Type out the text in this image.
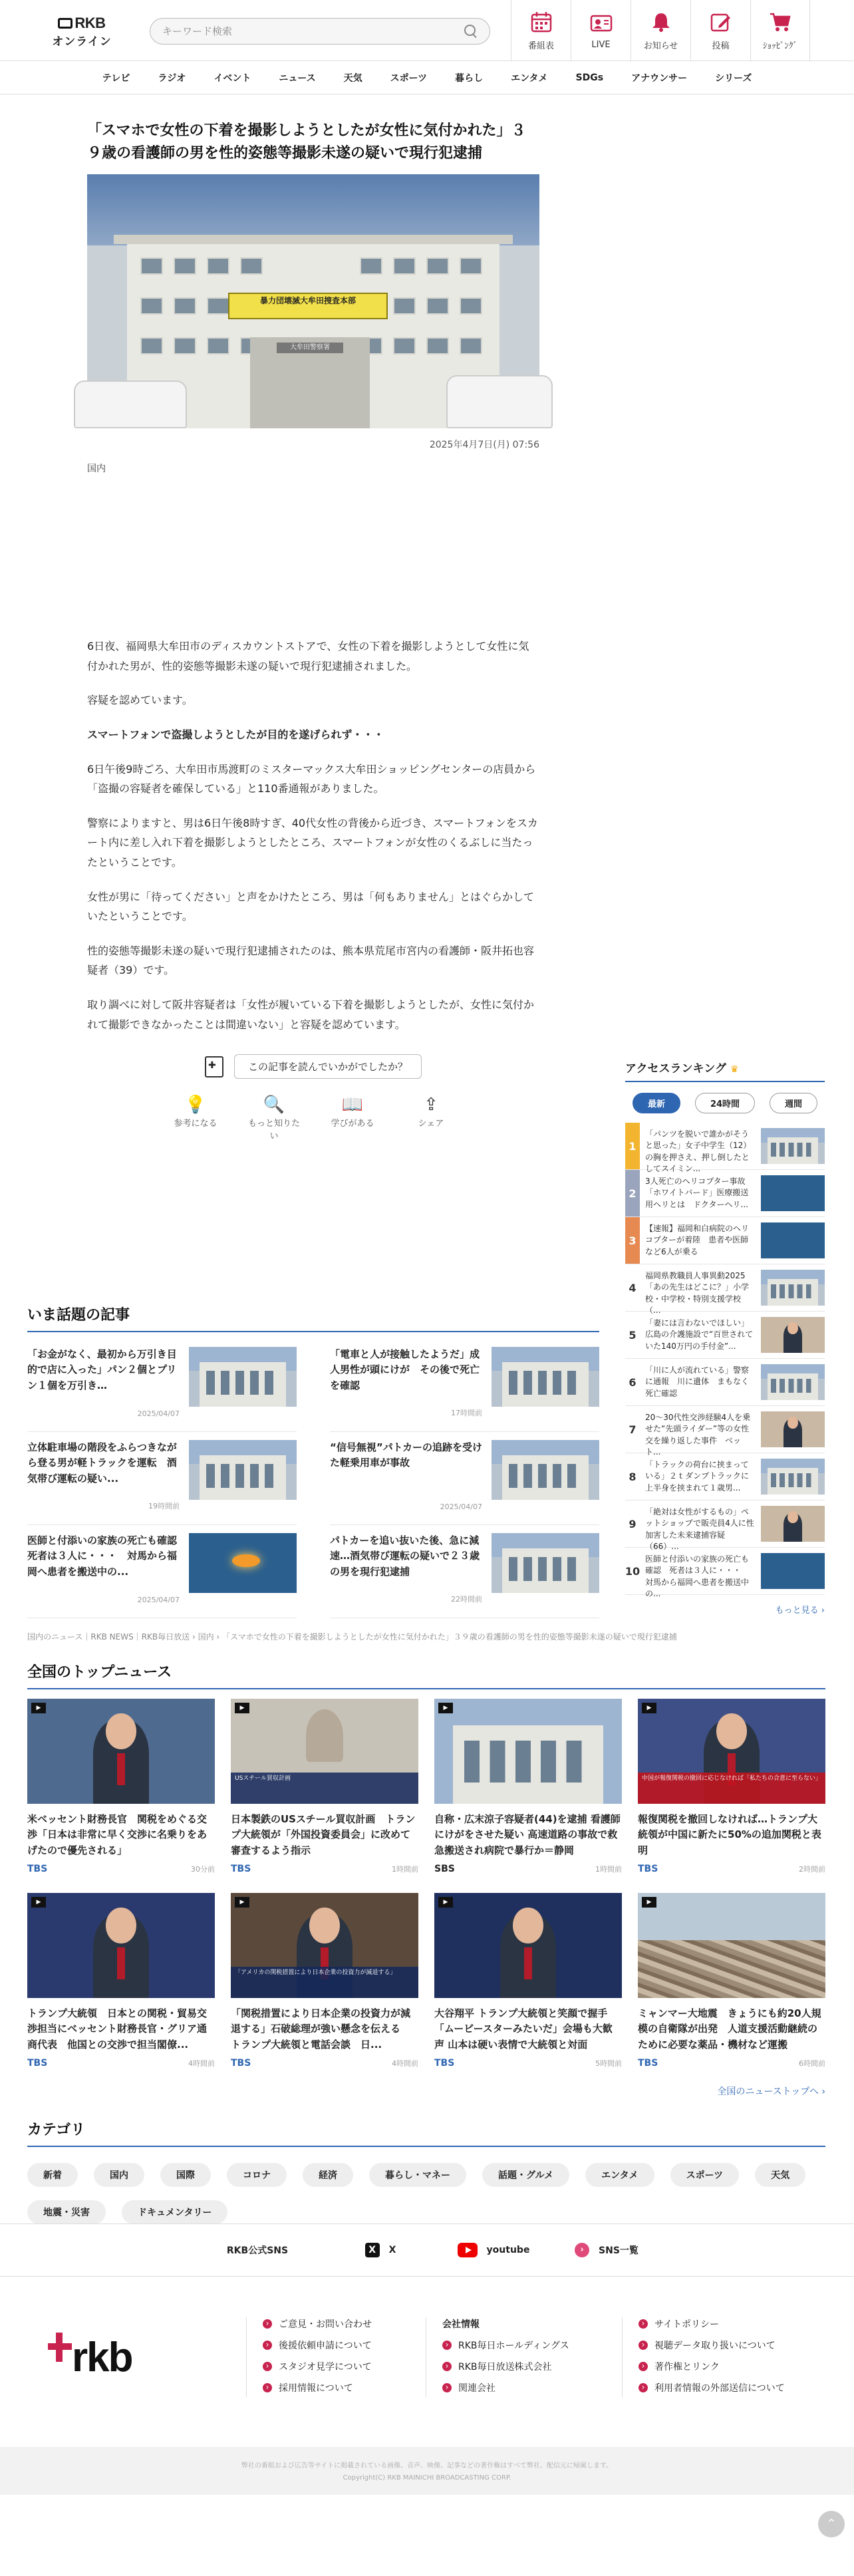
RKB
オンライン
キーワード検索	番組表	LIVE	お知らせ	投稿	ｼｮｯﾋﾟﾝｸﾞ
テレビ	ラジオ	イベント	ニュース	天気	スポーツ	暮らし	エンタメ	SDGs	アナウンサー	シリーズ
「スマホで女性の下着を撮影しようとしたが女性に気付かれた」３９歳の看護師の男を性的姿態等撮影未遂の疑いで現行犯逮捕
暴力団壊滅大牟田捜査本部
大牟田警察署
2025年4月7日(月) 07:56
国内

6日夜、福岡県大牟田市のディスカウントストアで、女性の下着を撮影しようとして女性に気付かれた男が、性的姿態等撮影未遂の疑いで現行犯逮捕されました。

容疑を認めています。

スマートフォンで盗撮しようとしたが目的を遂げられず・・・

6日午後9時ごろ、大牟田市馬渡町のミスターマックス大牟田ショッピングセンターの店員から「盗撮の容疑者を確保している」と110番通報がありました。

警察によりますと、男は6日午後8時すぎ、40代女性の背後から近づき、スマートフォンをスカート内に差し入れ下着を撮影しようとしたところ、スマートフォンが女性のくるぶしに当たったということです。

女性が男に「待ってください」と声をかけたところ、男は「何もありません」とはぐらかしていたということです。

性的姿態等撮影未遂の疑いで現行犯逮捕されたのは、熊本県荒尾市宮内の看護師・阪井拓也容疑者（39）です。

取り調べに対して阪井容疑者は「女性が履いている下着を撮影しようとしたが、女性に気付かれて撮影できなかったことは間違いない」と容疑を認めています。

✚
この記事を読んでいかがでしたか？
💡
参考になる
🔍
もっと知りたい
📖
学びがある
⇪
シェア
アクセスランキング ♛
最新	24時間	週間
1
「パンツを脱いで誰かがそうと思った」女子中学生（12）の胸を押さえ、押し倒したとしてスイミン...
2
3人死亡のヘリコプター事故「ホワイトバード」医療搬送用ヘリとは　ドクターヘリ...
3
【速報】福岡和白病院のヘリコプターが着陸　患者や医師など6人が乗る
4
福岡県教職員人事異動2025「あの先生はどこに？」小学校・中学校・特別支援学校（...
5
「妻には言わないでほしい」広島の介護施設で“百世されていた140万円の手付金”...
6
「川に人が流れている」警察に通報　川に遺体　まもなく死亡確認
7
20〜30代性交渉経験4人を乗せた“先頭ライダー”等の女性交を繰り返した事件　ベット...
8
「トラックの荷台に挟まっている」２ｔダンプトラックに上半身を挟まれて１歳男...
9
「絶対は女性がするもの」ペットショップで販売員4人に性加害した未来逮捕容疑（66）...
10
医師と付添いの家族の死亡も確認　死者は３人に・・・　対馬から福岡へ患者を搬送中の...
もっと見る ›
いま話題の記事
「お金がなく、最初から万引き目的で店に入った」パン２個とプリン１個を万引き…
2025/04/07
「電車と人が接触したようだ」成人男性が頭にけが　その後で死亡を確認
17時間前
立体駐車場の階段をふらつきながら登る男が軽トラックを運転　酒気帯び運転の疑い...
19時間前
“信号無視”パトカーの追跡を受けた軽乗用車が事故
2025/04/07
医師と付添いの家族の死亡も確認　死者は３人に・・・　対馬から福岡へ患者を搬送中の...
2025/04/07
パトカーを追い抜いた後、急に減速…酒気帯び運転の疑いで２３歳の男を現行犯逮捕
22時間前
国内のニュース｜RKB NEWS｜RKB毎日放送 › 国内 › 「スマホで女性の下着を撮影しようとしたが女性に気付かれた」３９歳の看護師の男を性的姿態等撮影未遂の疑いで現行犯逮捕
全国のトップニュース
▶
米ベッセント財務長官　関税をめぐる交渉「日本は非常に早く交渉に名乗りをあげたので優先される」
TBS	30分前
USスチール買収計画
▶
日本製鉄のUSスチール買収計画　トランプ大統領が「外国投資委員会」に改めて審査するよう指示
TBS	1時間前
▶
自称・広末涼子容疑者(44)を逮捕 看護師にけがをさせた疑い 高速道路の事故で救急搬送され病院で暴行か＝静岡
SBS	1時間前
中国が報復関税の撤回に応じなければ「私たちの合意に至らない」
▶
報復関税を撤回しなければ…トランプ大統領が中国に新たに50%の追加関税と表明
TBS	2時間前
▶
トランプ大統領　日本との関税・貿易交渉担当にベッセント財務長官・グリア通商代表　他国との交渉で担当閣僚...
TBS	4時間前
「アメリカの関税措置により日本企業の投資力が減退する」
▶
「関税措置により日本企業の投資力が減退する」石破総理が強い懸念を伝える　トランプ大統領と電話会談　日...
TBS	4時間前
▶
大谷翔平 トランプ大統領と笑顔で握手「ムービースターみたいだ」会場も大歓声 山本は硬い表情で大統領と対面
TBS	5時間前
▶
ミャンマー大地震　きょうにも約20人規模の自衛隊が出発　人道支援活動継続のために必要な薬品・機材など運搬
TBS	6時間前
全国のニューストップへ ›
カテゴリ
新着	国内	国際	コロナ	経済	暮らし・マネー	話題・グルメ	エンタメ	スポーツ	天気
地震・災害	ドキュメンタリー
RKB公式SNS	X	X	youtube	›	SNS一覧
rkb
› ご意見・お問い合わせ
› 後援依頼申請について
› スタジオ見学について
› 採用情報について
会社情報
› RKB毎日ホールディングス
› RKB毎日放送株式会社
› 関連会社
› サイトポリシー
› 視聴データ取り扱いについて
› 著作権とリンク
› 利用者情報の外部送信について
弊社の番組および広告等サイトに掲載されている画像、音声、映像、記事などの著作権はすべて弊社、配信元に帰属します。
Copyright(C) RKB MAINICHI BROADCASTING CORP.
⌃
